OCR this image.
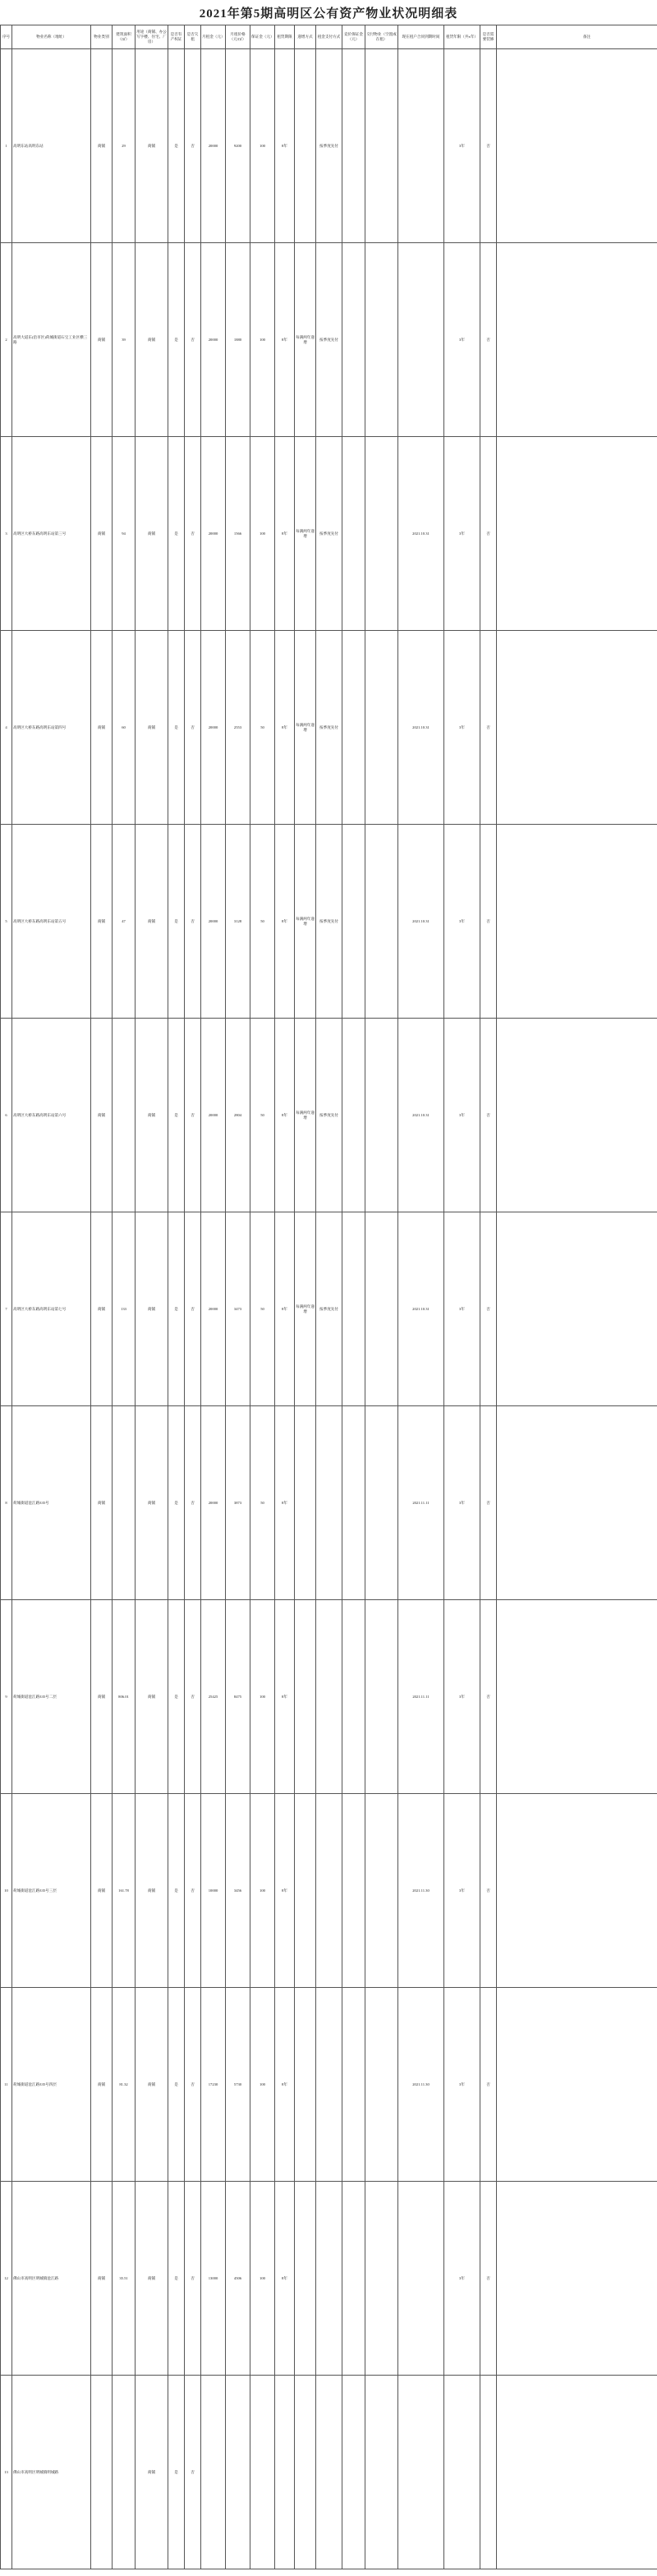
2021年第5期高明区公有资产物业状况明细表
序号	物业名称（地址）	物业类别	建筑面积（㎡）	用途（商铺、办公写字楼、住宅、厂房）	是否有产权证	是否欠租	月租金（元）	月租价格（元/㎡）	保证金（元）	租赁期限	递增方式	租金支付方式	竞价保证金（元）	交付物业（空置或在租）	现在租户合同到期时间	租赁年限（共x年）	是否需要装修	备注
1	高明东站高明东站	商铺	29	商铺	是	否	20000	9200	100	8年		按季度先付				3年	否	
2	高明大道东(沿市区)荷城街道石宝工业区横三路	商铺	39	商铺	是	否	20000	1880	100	8年	每满两年递增	按季度先付				3年	否	
3	高明区大桥东路高明东站第三号	商铺	94	商铺	是	否	20000	1566	100	8年	每满两年递增	按季度先付			2021.10.31	3年	否	
4	高明区大桥东路高明东站第四号	商铺	60	商铺	是	否	20000	2553	50	8年	每满两年递增	按季度先付			2021.10.31	3年	否	
5	高明区大桥东路高明东站第五号	商铺	47	商铺	是	否	20000	3128	50	8年	每满两年递增	按季度先付			2021.10.31	3年	否	
6	高明区大桥东路高明东站第六号	商铺		商铺	是	否	20000	2804	50	8年	每满两年递增	按季度先付			2021.10.31	3年	否	
7	高明区大桥东路高明东站第七号	商铺	133	商铺	是	否	20000	3473	50	8年	每满两年递增	按季度先付			2021.10.31	3年	否	
8	荷城街道沧江路335号	商铺		商铺	是	否	20000	3873	50	8年					2021.11.11	3年	否	
9	荷城街道沧江路335号二层	商铺	806.01	商铺	是	否	25425	8475	100	8年					2021.11.11	3年	否	
10	荷城街道沧江路335号三层	商铺	161.78	商铺	是	否	10000	3456	100	8年					2021.11.30	3年	否	
11	荷城街道沧江路335号四层	商铺	81.32	商铺	是	否	17230	5730	100	8年					2021.11.30	3年	否	
12	佛山市高明区明城镇沧江路	商铺	35.51	商铺	是	否	13000	4506	100	8年						3年	否	
13	佛山市高明区明城镇明城路			商铺	是	否												
